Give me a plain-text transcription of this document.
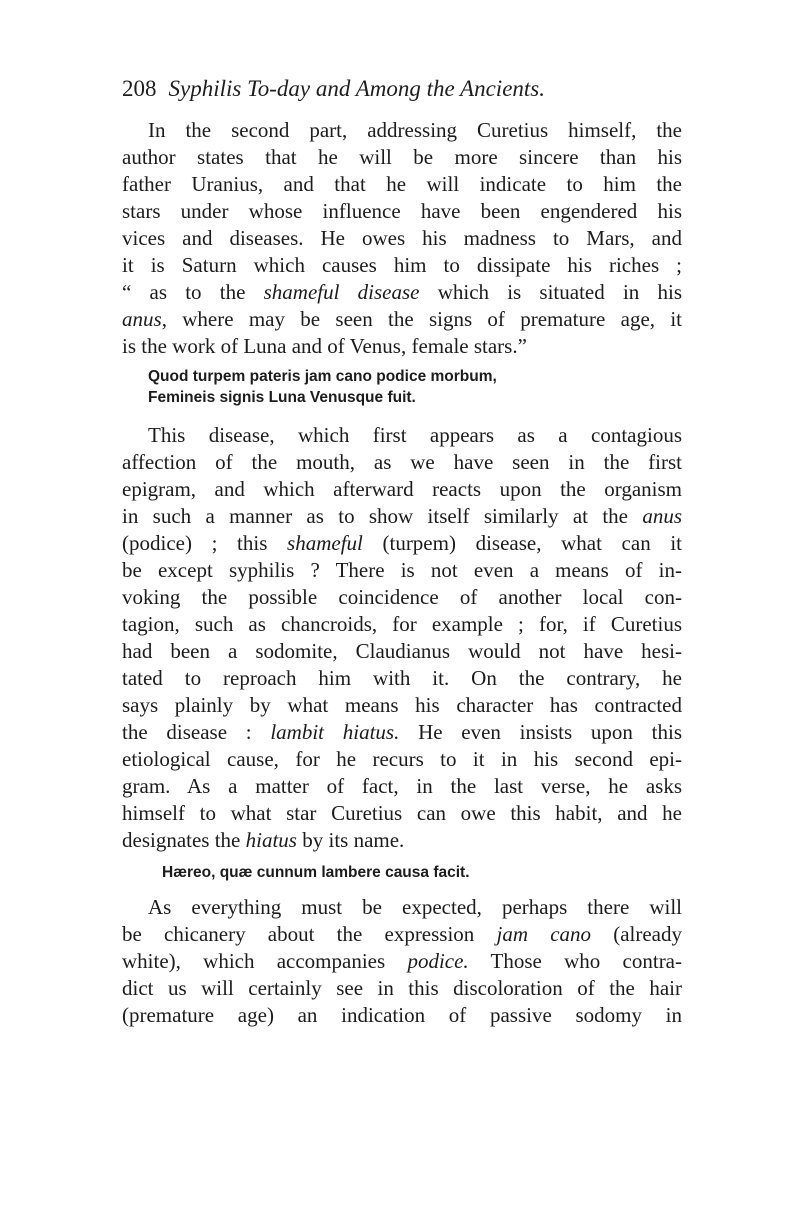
208 Syphilis To-day and Among the Ancients.
In the second part, addressing Curetius himself, the
author states that he will be more sincere than his
father Uranius, and that he will indicate to him the
stars under whose influence have been engendered his
vices and diseases. He owes his madness to Mars, and
it is Saturn which causes him to dissipate his riches ;
“ as to the shameful disease which is situated in his
anus, where may be seen the signs of premature age, it
is the work of Luna and of Venus, female stars.”
Quod turpem pateris jam cano podice morbum,
Femineis signis Luna Venusque fuit.
This disease, which first appears as a contagious
affection of the mouth, as we have seen in the first
epigram, and which afterward reacts upon the organism
in such a manner as to show itself similarly at the anus
(podice) ; this shameful (turpem) disease, what can it
be except syphilis ? There is not even a means of in-
voking the possible coincidence of another local con-
tagion, such as chancroids, for example ; for, if Curetius
had been a sodomite, Claudianus would not have hesi-
tated to reproach him with it. On the contrary, he
says plainly by what means his character has contracted
the disease : lambit hiatus. He even insists upon this
etiological cause, for he recurs to it in his second epi-
gram. As a matter of fact, in the last verse, he asks
himself to what star Curetius can owe this habit, and he
designates the hiatus by its name.
Hæreo, quæ cunnum lambere causa facit.
As everything must be expected, perhaps there will
be chicanery about the expression jam cano (already
white), which accompanies podice. Those who contra-
dict us will certainly see in this discoloration of the hair
(premature age) an indication of passive sodomy in
